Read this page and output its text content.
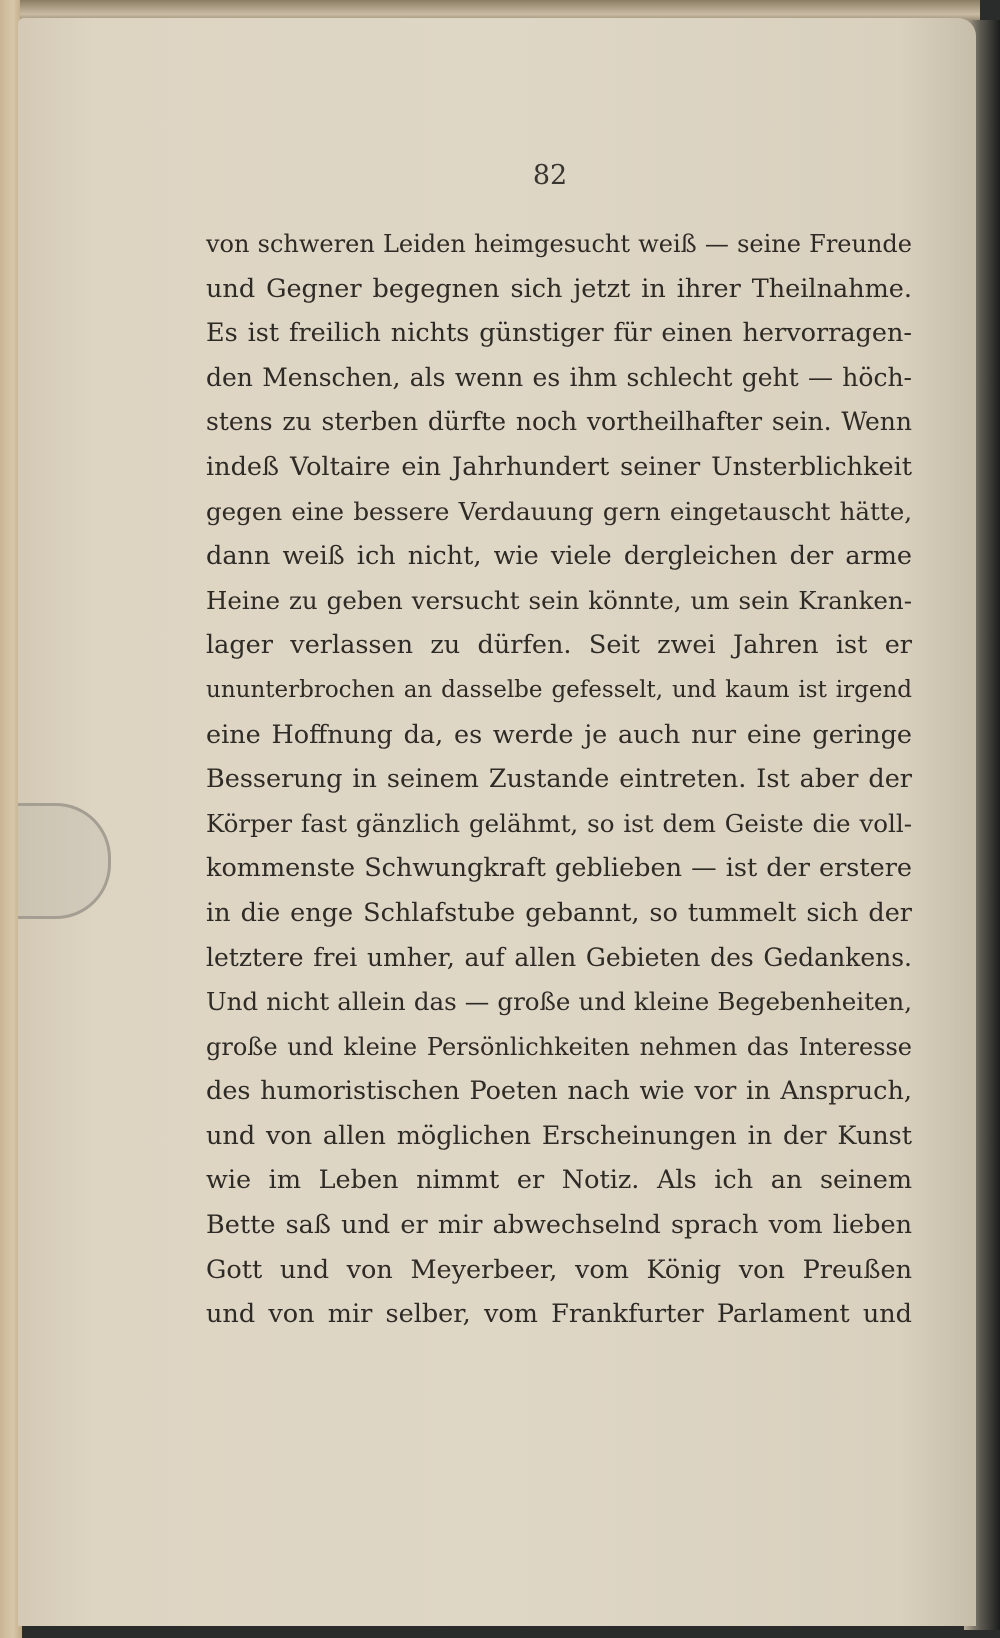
82
von schweren Leiden heimgesucht weiß — seine Freunde
und Gegner begegnen sich jetzt in ihrer Theilnahme.
Es ist freilich nichts günstiger für einen hervorragen-
den Menschen, als wenn es ihm schlecht geht — höch-
stens zu sterben dürfte noch vortheilhafter sein. Wenn
indeß Voltaire ein Jahrhundert seiner Unsterblichkeit
gegen eine bessere Verdauung gern eingetauscht hätte,
dann weiß ich nicht, wie viele dergleichen der arme
Heine zu geben versucht sein könnte, um sein Kranken-
lager verlassen zu dürfen. Seit zwei Jahren ist er
ununterbrochen an dasselbe gefesselt, und kaum ist irgend
eine Hoffnung da, es werde je auch nur eine geringe
Besserung in seinem Zustande eintreten. Ist aber der
Körper fast gänzlich gelähmt, so ist dem Geiste die voll-
kommenste Schwungkraft geblieben — ist der erstere
in die enge Schlafstube gebannt, so tummelt sich der
letztere frei umher, auf allen Gebieten des Gedankens.
Und nicht allein das — große und kleine Begebenheiten,
große und kleine Persönlichkeiten nehmen das Interesse
des humoristischen Poeten nach wie vor in Anspruch,
und von allen möglichen Erscheinungen in der Kunst
wie im Leben nimmt er Notiz. Als ich an seinem
Bette saß und er mir abwechselnd sprach vom lieben
Gott und von Meyerbeer, vom König von Preußen
und von mir selber, vom Frankfurter Parlament und
